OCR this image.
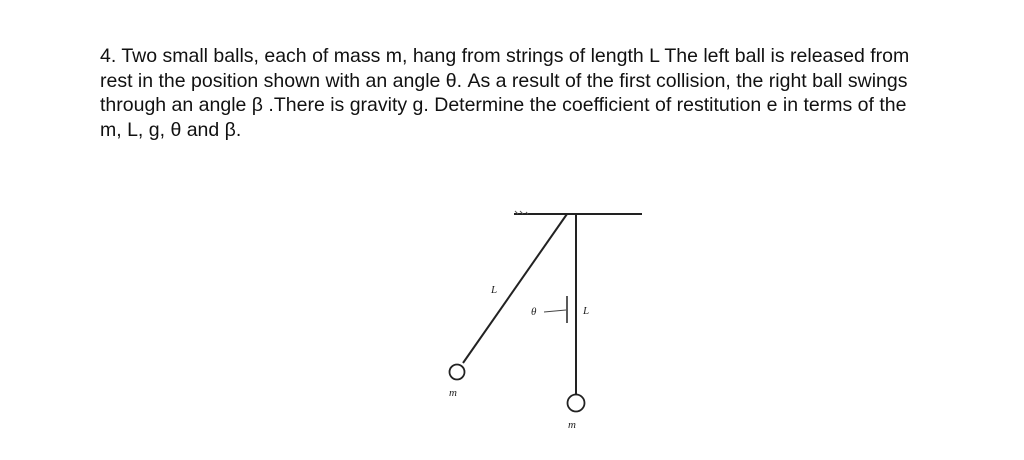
4. Two small balls, each of mass m, hang from strings of length L The left ball is released from

rest in the position shown with an angle θ. As a result of the first collision, the right ball swings

through an angle β .There is gravity g. Determine the coefficient of restitution e in terms of the

m, L, g, θ and β.

L
θ	L
m
m
